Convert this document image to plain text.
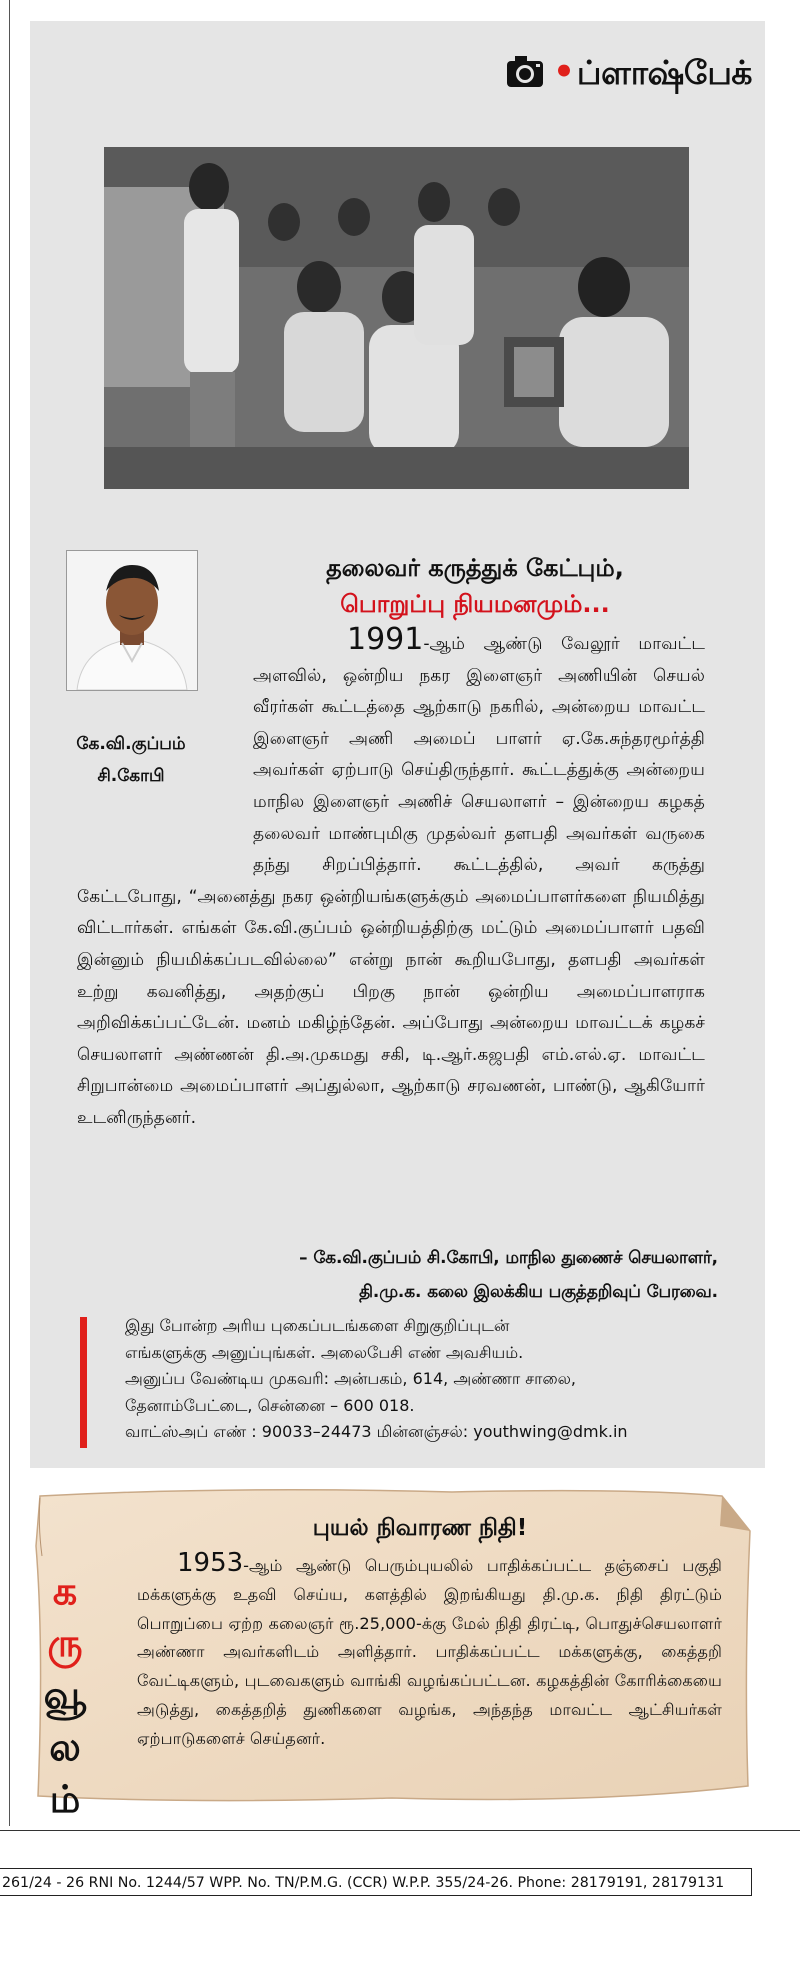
• ப்ளாஷ்பேக்
கே.வி.குப்பம்
சி.கோபி
தலைவர் கருத்துக் கேட்பும்,
பொறுப்பு நியமனமும்...
1991-ஆம் ஆண்டு வேலூர் மாவட்ட அளவில், ஒன்றிய நகர இளைஞர் அணியின் செயல் வீரர்கள் கூட்டத்தை ஆற்காடு நகரில், அன்றைய மாவட்ட இளைஞர் அணி அமைப் பாளர் ஏ.கே.சுந்தரமூர்த்தி அவர்கள் ஏற்பாடு செய்திருந்தார். கூட்டத்துக்கு அன்றைய மாநில இளைஞர் அணிச் செயலாளர் – இன்றைய கழகத் தலைவர் மாண்புமிகு முதல்வர் தளபதி அவர்கள் வருகை தந்து சிறப்பித்தார். கூட்டத்தில், அவர் கருத்து கேட்டபோது, “அனைத்து நகர ஒன்றியங்களுக்கும் அமைப்பாளர்களை நியமித்து விட்டார்கள். எங்கள் கே.வி.குப்பம் ஒன்றியத்திற்கு மட்டும் அமைப்பாளர் பதவி இன்னும் நியமிக்கப்படவில்லை” என்று நான் கூறியபோது, தளபதி அவர்கள் உற்று கவனித்து, அதற்குப் பிறகு நான் ஒன்றிய அமைப்பாளராக அறிவிக்கப்பட்டேன். மனம் மகிழ்ந்தேன். அப்போது அன்றைய மாவட்டக் கழகச் செயலாளர் அண்ணன் தி.அ.முகமது சகி, டி.ஆர்.கஜபதி எம்.எல்.ஏ. மாவட்ட சிறுபான்மை அமைப்பாளர் அப்துல்லா, ஆற்காடு சரவணன், பாண்டு, ஆகியோர் உடனிருந்தனர்.
– கே.வி.குப்பம் சி.கோபி, மாநில துணைச் செயலாளர்,
தி.மு.க. கலை இலக்கிய பகுத்தறிவுப் பேரவை.
இது போன்ற அரிய புகைப்படங்களை சிறுகுறிப்புடன்
எங்களுக்கு அனுப்புங்கள். அலைபேசி எண் அவசியம்.
அனுப்ப வேண்டிய முகவரி: அன்பகம், 614, அண்ணா சாலை,
தேனாம்பேட்டை, சென்னை – 600 018.
வாட்ஸ்அப் எண் : 90033–24473 மின்னஞ்சல்: youthwing@dmk.in
க
ரு
வூ
ல
ம்
புயல் நிவாரண நிதி!
1953-ஆம் ஆண்டு பெரும்புயலில் பாதிக்கப்பட்ட தஞ்சைப் பகுதி மக்களுக்கு உதவி செய்ய, களத்தில் இறங்கியது தி.மு.க. நிதி திரட்டும் பொறுப்பை ஏற்ற கலைஞர் ரூ.25,000-க்கு மேல் நிதி திரட்டி, பொதுச்செயலாளர் அண்ணா அவர்களிடம் அளித்தார். பாதிக்கப்பட்ட மக்களுக்கு, கைத்தறி வேட்டிகளும், புடவைகளும் வாங்கி வழங்கப்பட்டன. கழகத்தின் கோரிக்கையை அடுத்து, கைத்தறித் துணிகளை வழங்க, அந்தந்த மாவட்ட ஆட்சியர்கள் ஏற்பாடுகளைச் செய்தனர்.
261/24 - 26 RNI No. 1244/57 WPP. No. TN/P.M.G. (CCR) W.P.P. 355/24-26. Phone: 28179191, 28179131
